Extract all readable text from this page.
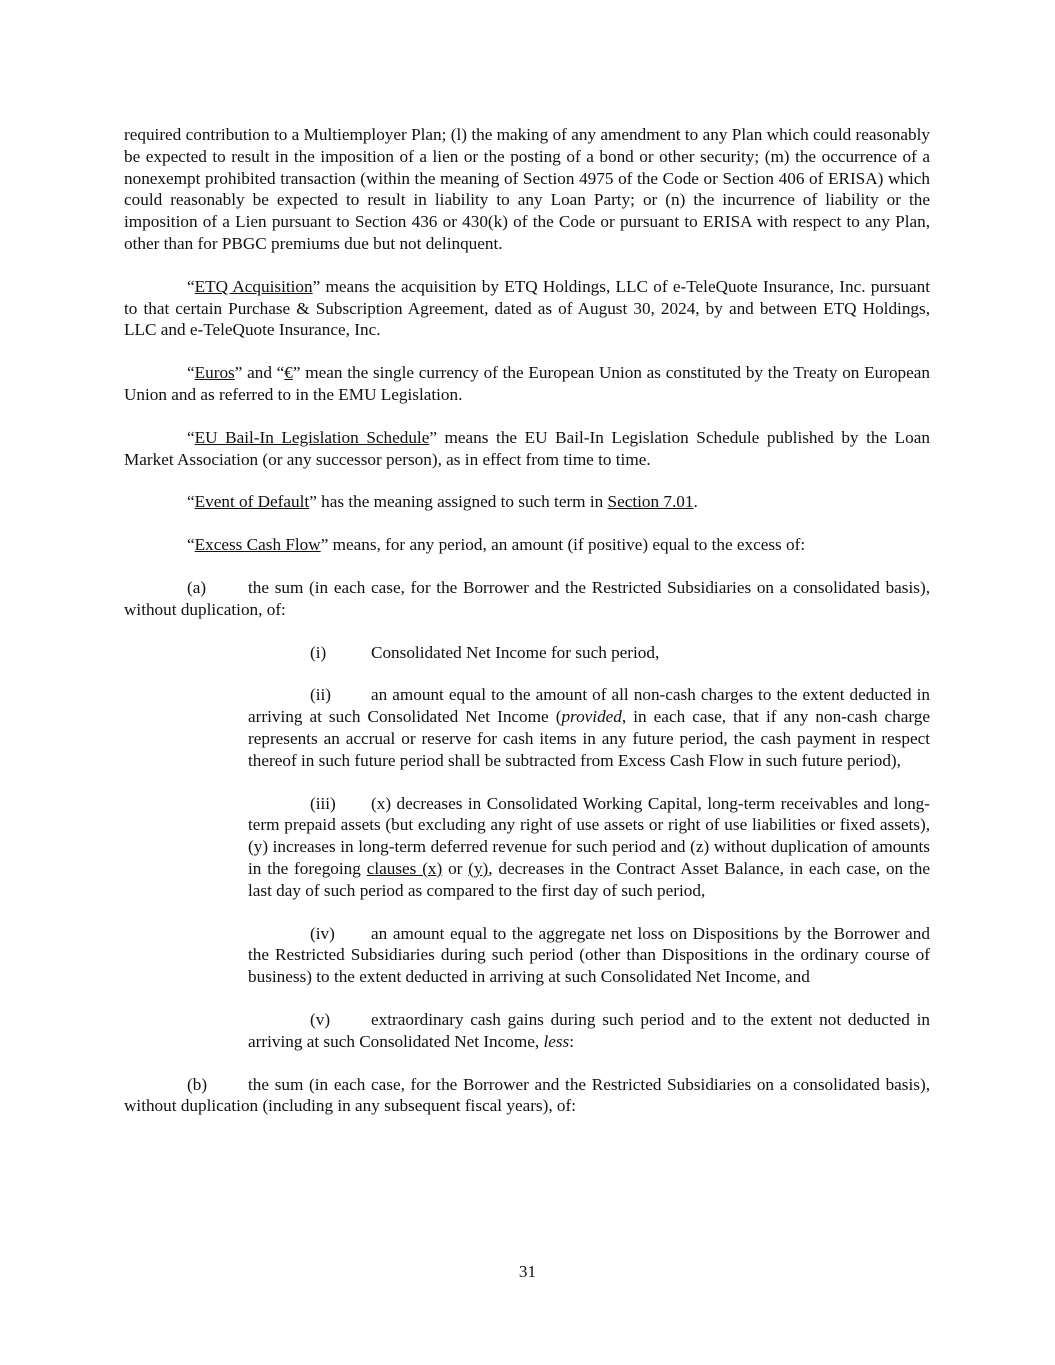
required contribution to a Multiemployer Plan; (l) the making of any amendment to any Plan which could reasonably be expected to result in the imposition of a lien or the posting of a bond or other security; (m) the occurrence of a nonexempt prohibited transaction (within the meaning of Section 4975 of the Code or Section 406 of ERISA) which could reasonably be expected to result in liability to any Loan Party; or (n) the incurrence of liability or the imposition of a Lien pursuant to Section 436 or 430(k) of the Code or pursuant to ERISA with respect to any Plan, other than for PBGC premiums due but not delinquent.

“ETQ Acquisition” means the acquisition by ETQ Holdings, LLC of e-TeleQuote Insurance, Inc. pursuant to that certain Purchase & Subscription Agreement, dated as of August 30, 2024, by and between ETQ Holdings, LLC and e-TeleQuote Insurance, Inc.

“Euros” and “€” mean the single currency of the European Union as constituted by the Treaty on European Union and as referred to in the EMU Legislation.

“EU Bail-In Legislation Schedule” means the EU Bail-In Legislation Schedule published by the Loan Market Association (or any successor person), as in effect from time to time.

“Event of Default” has the meaning assigned to such term in Section 7.01.

“Excess Cash Flow” means, for any period, an amount (if positive) equal to the excess of:

(a) the sum (in each case, for the Borrower and the Restricted Subsidiaries on a consolidated basis), without duplication, of:

(i)	Consolidated Net Income for such period,

(ii) an amount equal to the amount of all non-cash charges to the extent deducted in arriving at such Consolidated Net Income (provided, in each case, that if any non-cash charge represents an accrual or reserve for cash items in any future period, the cash payment in respect thereof in such future period shall be subtracted from Excess Cash Flow in such future period),

(iii) (x) decreases in Consolidated Working Capital, long-term receivables and long-term prepaid assets (but excluding any right of use assets or right of use liabilities or fixed assets), (y) increases in long-term deferred revenue for such period and (z) without duplication of amounts in the foregoing clauses (x) or (y), decreases in the Contract Asset Balance, in each case, on the last day of such period as compared to the first day of such period,

(iv) an amount equal to the aggregate net loss on Dispositions by the Borrower and the Restricted Subsidiaries during such period (other than Dispositions in the ordinary course of business) to the extent deducted in arriving at such Consolidated Net Income, and

(v) extraordinary cash gains during such period and to the extent not deducted in arriving at such Consolidated Net Income, less:

(b) the sum (in each case, for the Borrower and the Restricted Subsidiaries on a consolidated basis), without duplication (including in any subsequent fiscal years), of:

31
